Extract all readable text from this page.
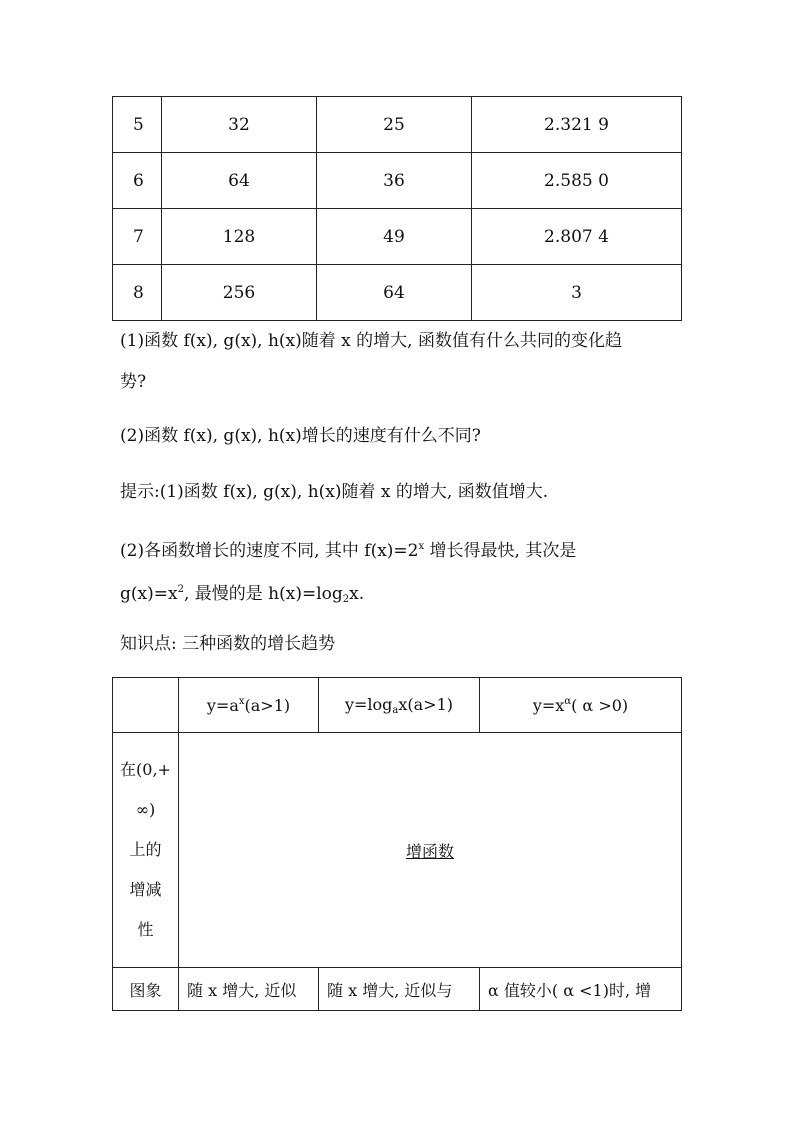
5	32	25	2.321 9
6	64	36	2.585 0
7	128	49	2.807 4
8	256	64	3

(1)函数 f(x), g(x), h(x)随着 x 的增大, 函数值有什么共同的变化趋

势?

(2)函数 f(x), g(x), h(x)增长的速度有什么不同?

提示:(1)函数 f(x), g(x), h(x)随着 x 的增大, 函数值增大.

(2)各函数增长的速度不同, 其中 $f(x)=2^x$ 增长得最快, 其次是

$g(x)=x^2$, 最慢的是 $h(x)=\log_2x$.

知识点: 三种函数的增长趋势

	$y=a^x(a>1)$	$y=\log_ax(a>1)$	$y=x^\alpha$( α >0)

在(0,+
∞)
上的
增减
性	增函数		
图象	随 x 增大, 近似	随 x 增大, 近似与	α 值较小( α <1)时, 增
